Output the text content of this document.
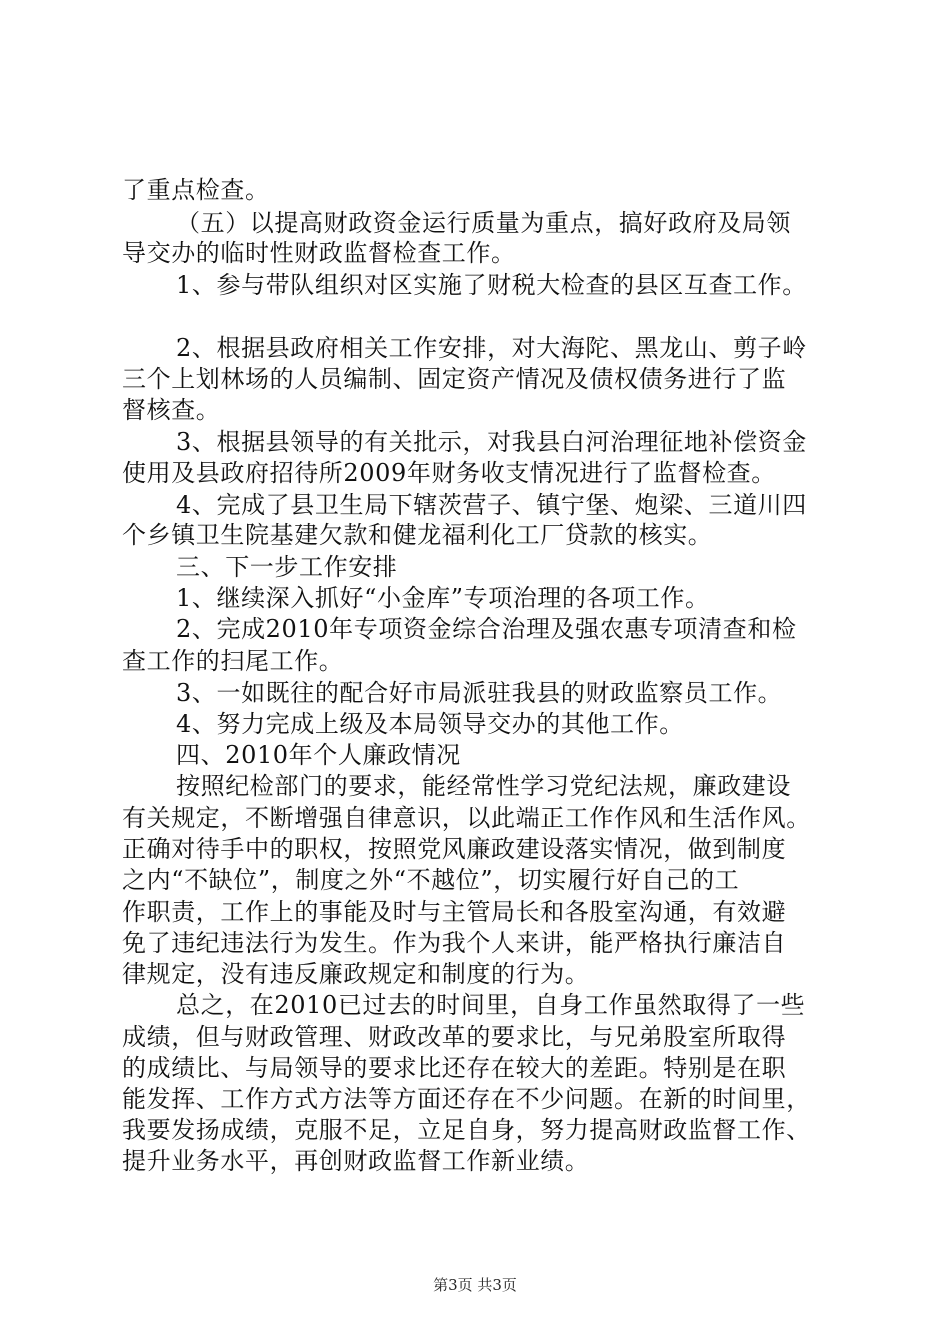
了重点检查。
（五）以提高财政资金运行质量为重点，搞好政府及局领
导交办的临时性财政监督检查工作。
1、参与带队组织对区实施了财税大检查的县区互查工作。
2、根据县政府相关工作安排，对大海陀、黑龙山、剪子岭
三个上划林场的人员编制、固定资产情况及债权债务进行了监
督核查。
3、根据县领导的有关批示，对我县白河治理征地补偿资金
使用及县政府招待所2009年财务收支情况进行了监督检查。
4、完成了县卫生局下辖茨营子、镇宁堡、炮梁、三道川四
个乡镇卫生院基建欠款和健龙福利化工厂贷款的核实。
三、下一步工作安排
1、继续深入抓好“小金库”专项治理的各项工作。
2、完成2010年专项资金综合治理及强农惠专项清查和检
查工作的扫尾工作。
3、一如既往的配合好市局派驻我县的财政监察员工作。
4、努力完成上级及本局领导交办的其他工作。
四、2010年个人廉政情况
按照纪检部门的要求，能经常性学习党纪法规，廉政建设
有关规定，不断增强自律意识，以此端正工作作风和生活作风。
正确对待手中的职权，按照党风廉政建设落实情况，做到制度
之内“不缺位”，制度之外“不越位”，切实履行好自己的工
作职责，工作上的事能及时与主管局长和各股室沟通，有效避
免了违纪违法行为发生。作为我个人来讲，能严格执行廉洁自
律规定，没有违反廉政规定和制度的行为。
总之，在2010已过去的时间里，自身工作虽然取得了一些
成绩，但与财政管理、财政改革的要求比，与兄弟股室所取得
的成绩比、与局领导的要求比还存在较大的差距。特别是在职
能发挥、工作方式方法等方面还存在不少问题。在新的时间里，
我要发扬成绩，克服不足，立足自身，努力提高财政监督工作、
提升业务水平，再创财政监督工作新业绩。
第3页 共3页
